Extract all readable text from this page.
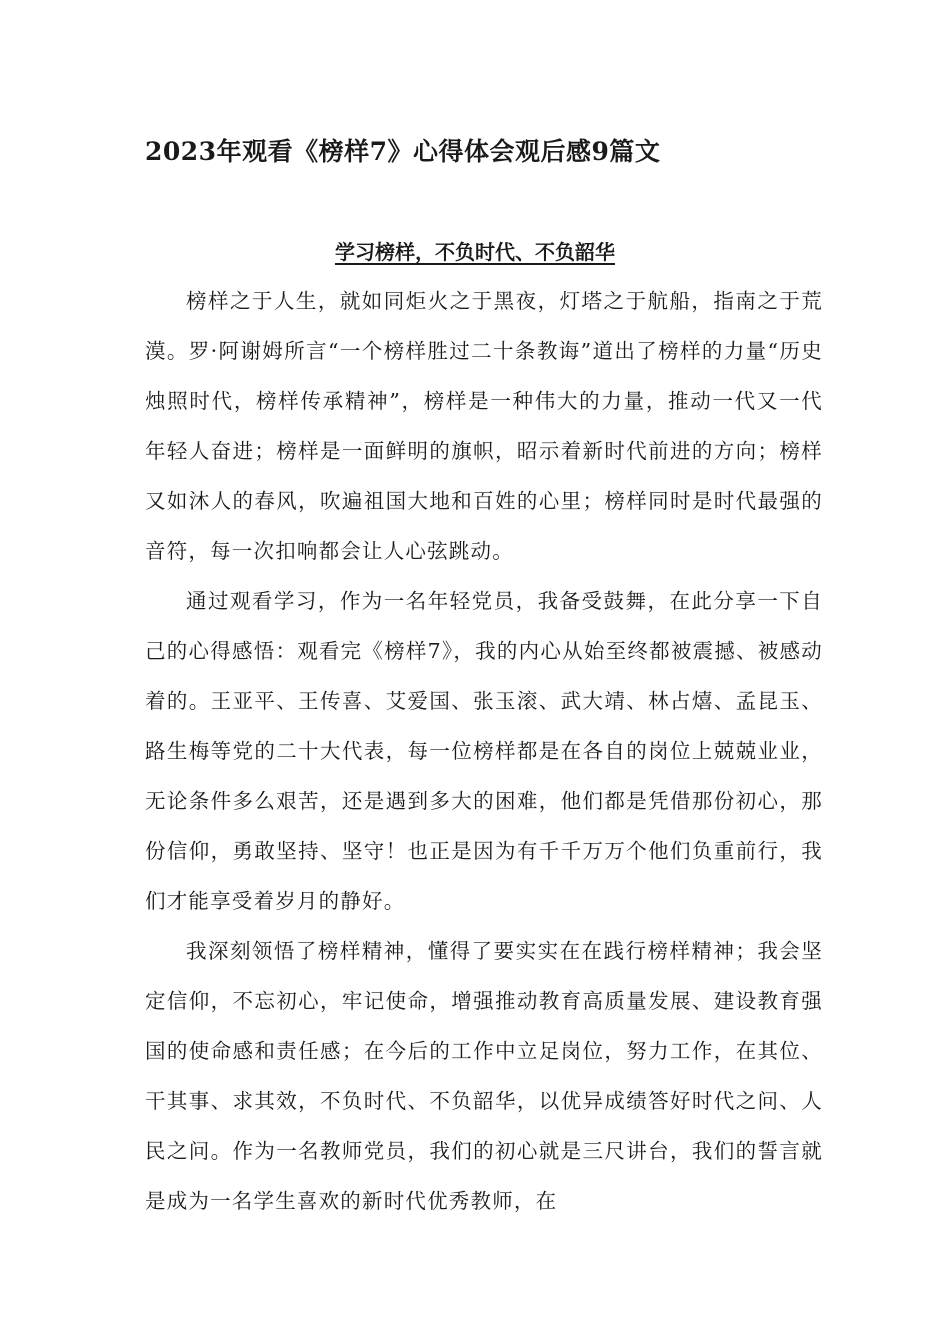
2023年观看《榜样7》心得体会观后感9篇文
学习榜样，不负时代、不负韶华

榜样之于人生，就如同炬火之于黑夜，灯塔之于航船，指南之于荒漠。罗·阿谢姆所言“一个榜样胜过二十条教诲”道出了榜样的力量“历史烛照时代，榜样传承精神”，榜样是一种伟大的力量，推动一代又一代年轻人奋进；榜样是一面鲜明的旗帜，昭示着新时代前进的方向；榜样又如沐人的春风，吹遍祖国大地和百姓的心里；榜样同时是时代最强的音符，每一次扣响都会让人心弦跳动。

通过观看学习，作为一名年轻党员，我备受鼓舞，在此分享一下自己的心得感悟：观看完《榜样7》，我的内心从始至终都被震撼、被感动着的。王亚平、王传喜、艾爱国、张玉滚、武大靖、林占熺、孟昆玉、路生梅等党的二十大代表，每一位榜样都是在各自的岗位上兢兢业业，无论条件多么艰苦，还是遇到多大的困难，他们都是凭借那份初心，那份信仰，勇敢坚持、坚守！也正是因为有千千万万个他们负重前行，我们才能享受着岁月的静好。

我深刻领悟了榜样精神，懂得了要实实在在践行榜样精神；我会坚定信仰，不忘初心，牢记使命，增强推动教育高质量发展、建设教育强国的使命感和责任感；在今后的工作中立足岗位，努力工作，在其位、干其事、求其效，不负时代、不负韶华，以优异成绩答好时代之问、人民之问。作为一名教师党员，我们的初心就是三尺讲台，我们的誓言就是成为一名学生喜欢的新时代优秀教师，在
